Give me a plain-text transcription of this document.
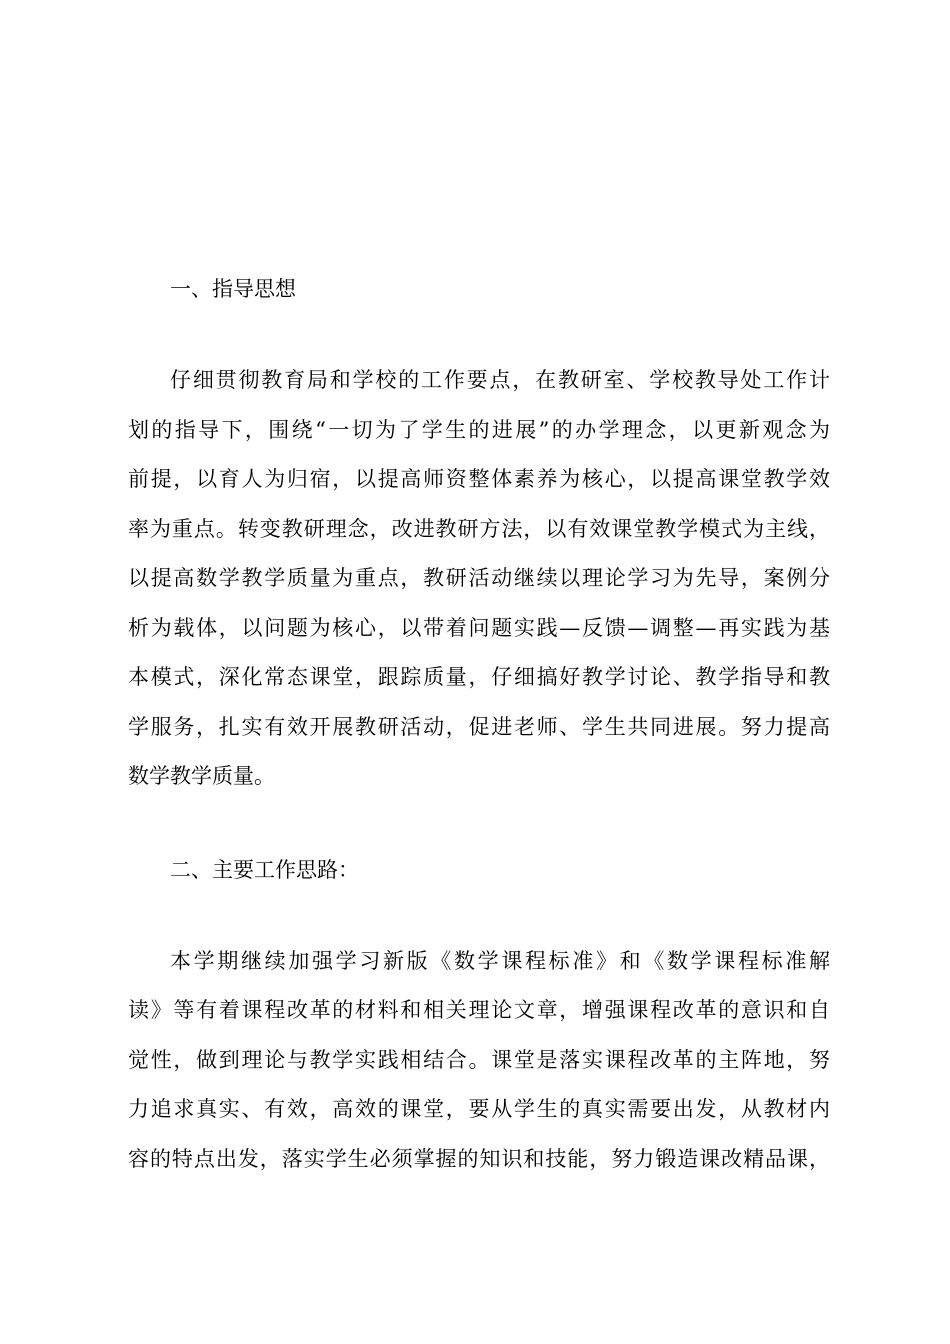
一、指导思想

仔细贯彻教育局和学校的工作要点，在教研室、学校教导处工作计
划的指导下，围绕“一切为了学生的进展”的办学理念，以更新观念为
前提，以育人为归宿，以提高师资整体素养为核心，以提高课堂教学效
率为重点。转变教研理念，改进教研方法，以有效课堂教学模式为主线，
以提高数学教学质量为重点，教研活动继续以理论学习为先导，案例分
析为载体，以问题为核心，以带着问题实践—反馈—调整—再实践为基
本模式，深化常态课堂，跟踪质量，仔细搞好教学讨论、教学指导和教
学服务，扎实有效开展教研活动，促进老师、学生共同进展。努力提高
数学教学质量。

二、主要工作思路：

本学期继续加强学习新版《数学课程标准》和《数学课程标准解
读》等有着课程改革的材料和相关理论文章，增强课程改革的意识和自
觉性，做到理论与教学实践相结合。课堂是落实课程改革的主阵地，努
力追求真实、有效，高效的课堂，要从学生的真实需要出发，从教材内
容的特点出发，落实学生必须掌握的知识和技能，努力锻造课改精品课，
